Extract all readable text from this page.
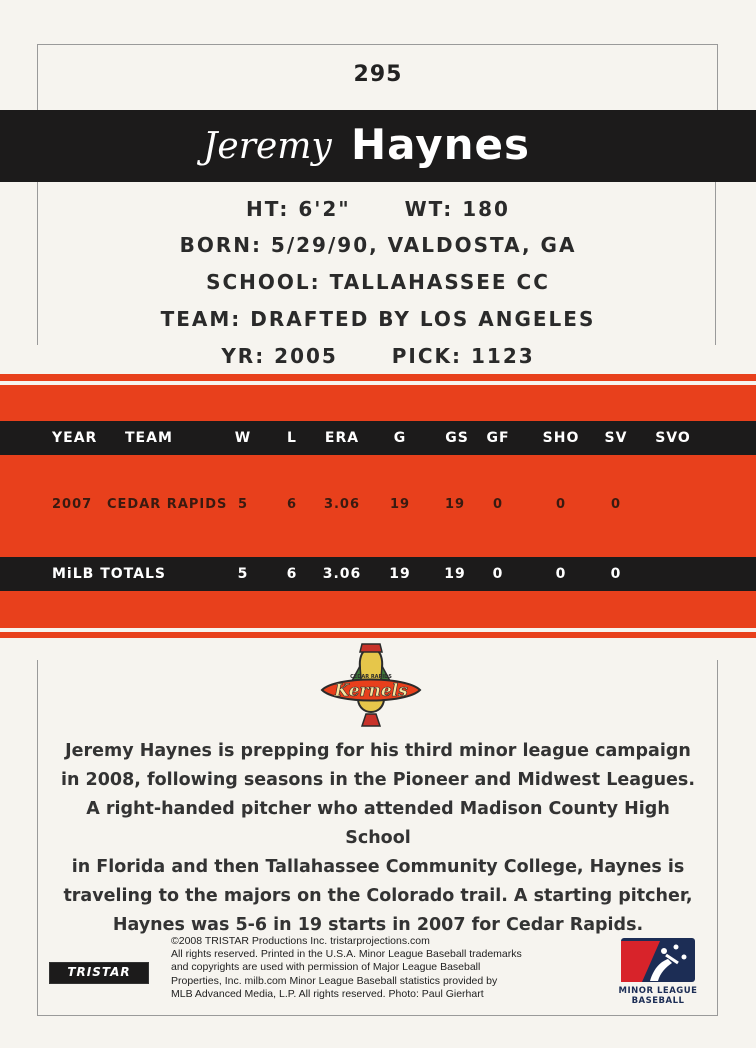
295
Jeremy Haynes
HT: 6'2"	WT: 180
BORN: 5/29/90, VALDOSTA, GA
SCHOOL: TALLAHASSEE CC
TEAM: DRAFTED BY LOS ANGELES
YR: 2005	PICK: 1123
YEAR TEAM	W	L	ERA	G	GS	GF	SHO	SV	SVO
2007 CEDAR RAPIDS 5	6	3.06	19	19	0	0	0
MiLB TOTALS	5	6	3.06	19	19	0	0	0
Kernels
CEDAR RAPIDS
Jeremy Haynes is prepping for his third minor league campaign
in 2008, following seasons in the Pioneer and Midwest Leagues.
A right-handed pitcher who attended Madison County High School
in Florida and then Tallahassee Community College, Haynes is
traveling to the majors on the Colorado trail. A starting pitcher,
Haynes was 5-6 in 19 starts in 2007 for Cedar Rapids.
TRISTAR
©2008 TRISTAR Productions Inc. tristarprojections.com
All rights reserved. Printed in the U.S.A. Minor League Baseball trademarks
and copyrights are used with permission of Major League Baseball
Properties, Inc. milb.com Minor League Baseball statistics provided by
MLB Advanced Media, L.P. All rights reserved. Photo: Paul Gierhart	MINOR LEAGUE
BASEBALL
